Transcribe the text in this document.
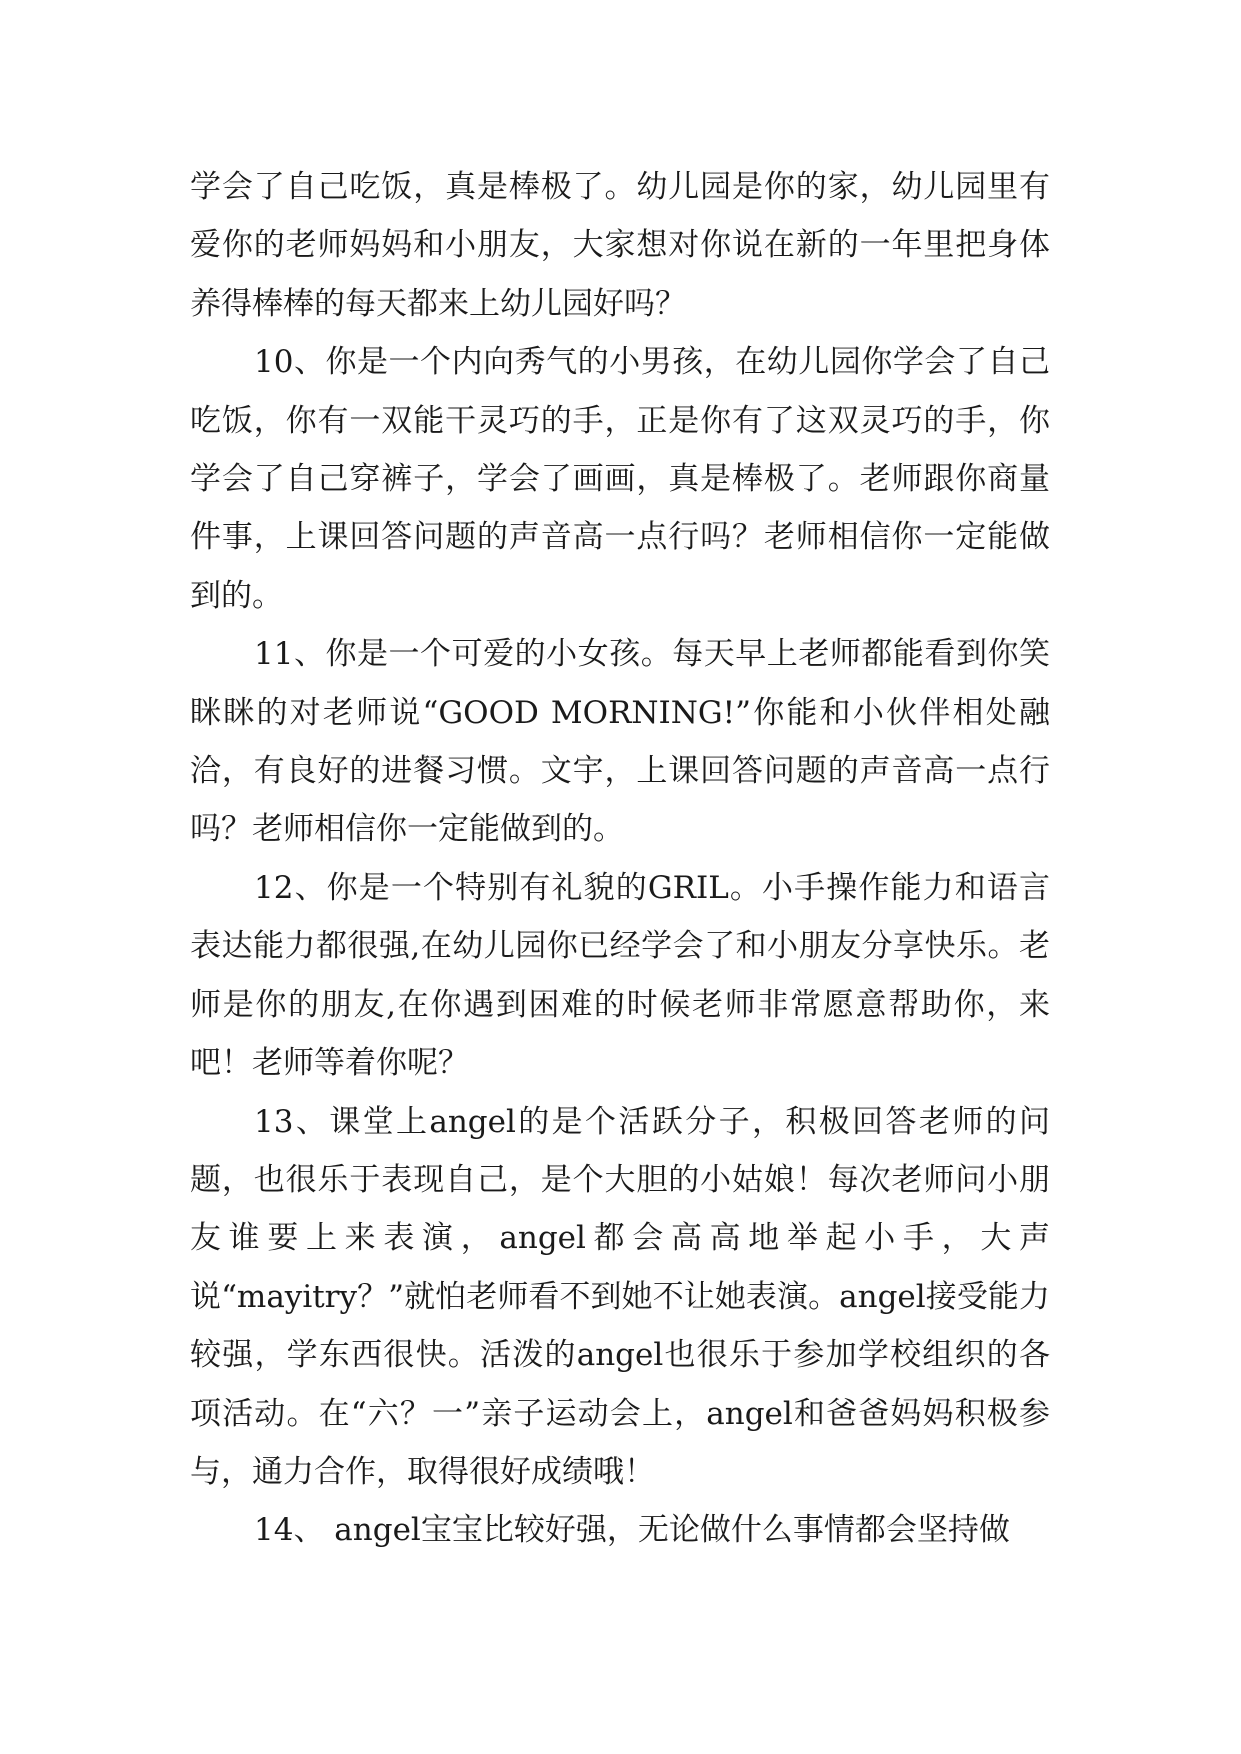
学会了自己吃饭，真是棒极了。幼儿园是你的家，幼儿园里有爱你的老师妈妈和小朋友，大家想对你说在新的一年里把身体养得棒棒的每天都来上幼儿园好吗？

10、你是一个内向秀气的小男孩，在幼儿园你学会了自己吃饭，你有一双能干灵巧的手，正是你有了这双灵巧的手，你学会了自己穿裤子，学会了画画，真是棒极了。老师跟你商量件事，上课回答问题的声音高一点行吗？老师相信你一定能做到的。

11、你是一个可爱的小女孩。每天早上老师都能看到你笑眯眯的对老师说“GOOD MORNING!”你能和小伙伴相处融洽，有良好的进餐习惯。文宇，上课回答问题的声音高一点行吗？老师相信你一定能做到的。

12、你是一个特别有礼貌的GRIL。小手操作能力和语言表达能力都很强,在幼儿园你已经学会了和小朋友分享快乐。老师是你的朋友,在你遇到困难的时候老师非常愿意帮助你，来吧！老师等着你呢？

13、课堂上angel的是个活跃分子，积极回答老师的问题，也很乐于表现自己，是个大胆的小姑娘！每次老师问小朋友谁要上来表演，angel都会高高地举起小手，大声说“mayitry？”就怕老师看不到她不让她表演。angel接受能力较强，学东西很快。活泼的angel也很乐于参加学校组织的各项活动。在“六？一”亲子运动会上，angel和爸爸妈妈积极参与，通力合作，取得很好成绩哦！

14、 angel宝宝比较好强，无论做什么事情都会坚持做
